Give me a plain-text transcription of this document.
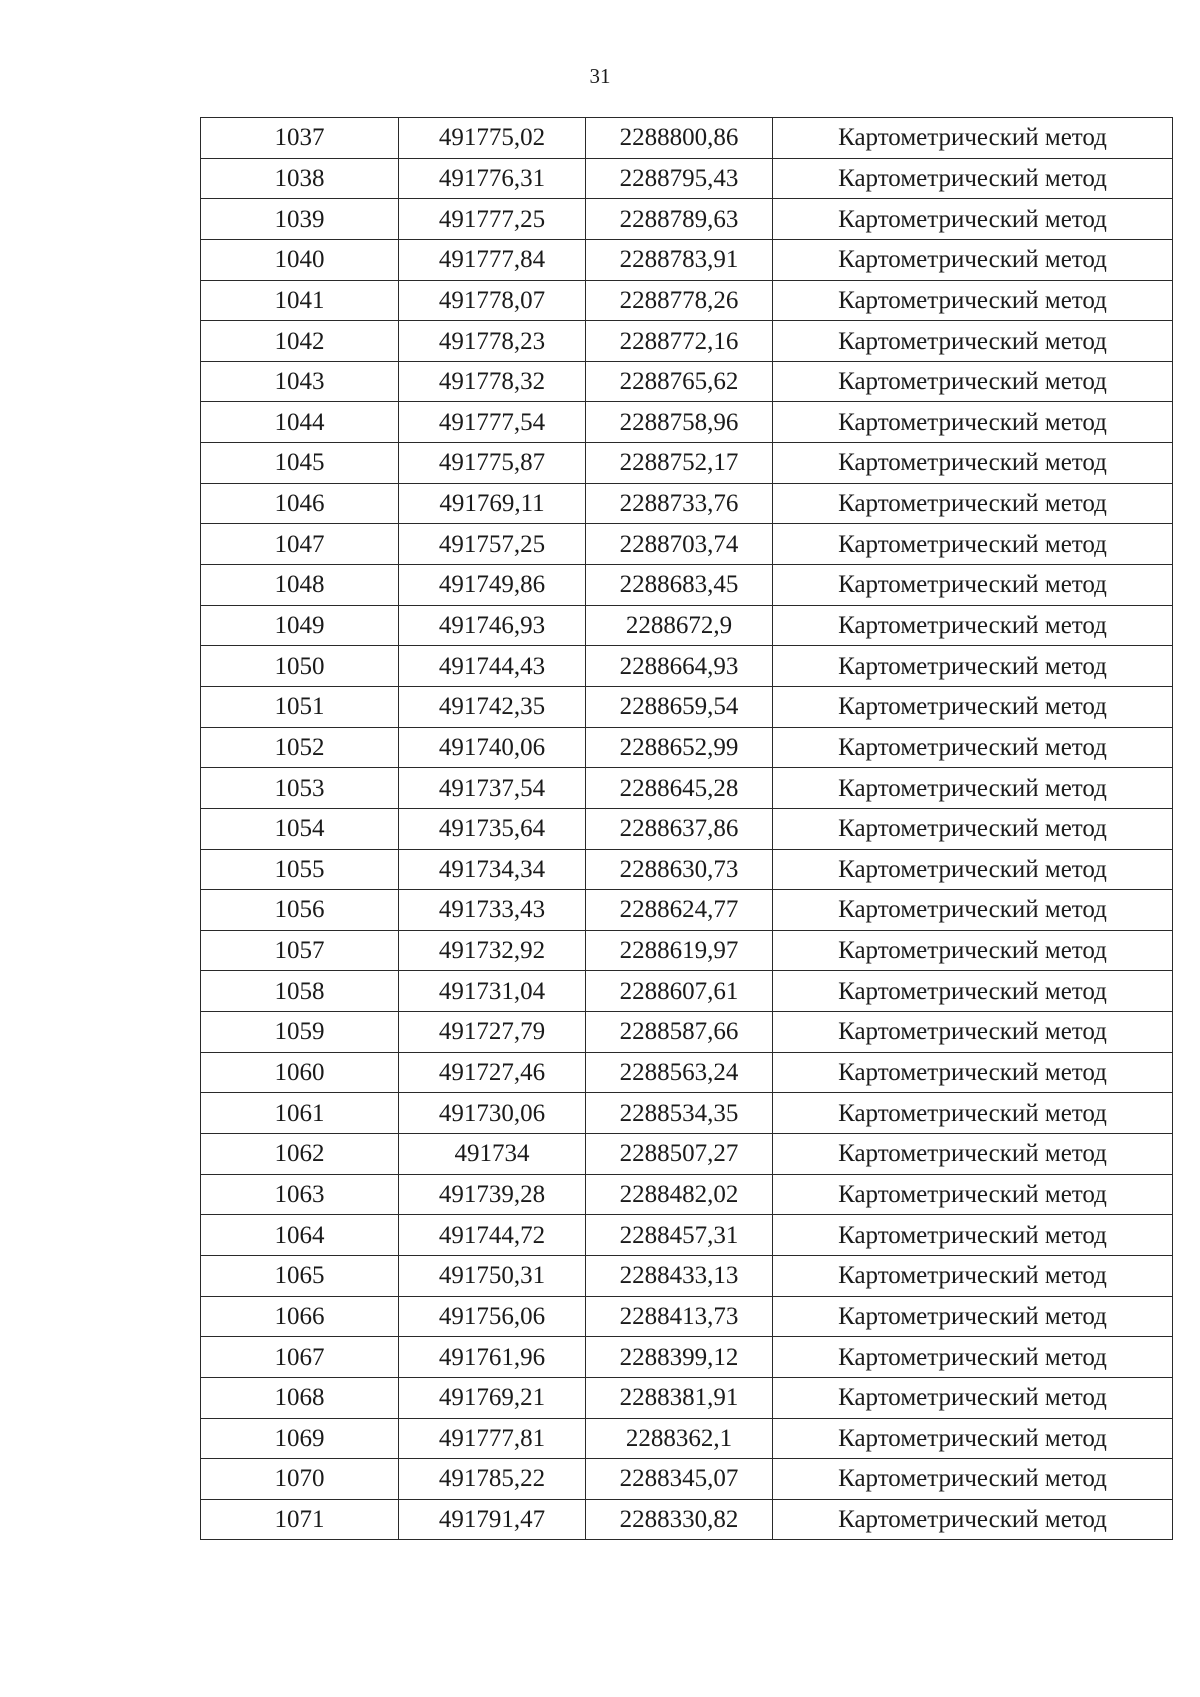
31
1037	491775,02	2288800,86	Картометрический метод
1038	491776,31	2288795,43	Картометрический метод
1039	491777,25	2288789,63	Картометрический метод
1040	491777,84	2288783,91	Картометрический метод
1041	491778,07	2288778,26	Картометрический метод
1042	491778,23	2288772,16	Картометрический метод
1043	491778,32	2288765,62	Картометрический метод
1044	491777,54	2288758,96	Картометрический метод
1045	491775,87	2288752,17	Картометрический метод
1046	491769,11	2288733,76	Картометрический метод
1047	491757,25	2288703,74	Картометрический метод
1048	491749,86	2288683,45	Картометрический метод
1049	491746,93	2288672,9	Картометрический метод
1050	491744,43	2288664,93	Картометрический метод
1051	491742,35	2288659,54	Картометрический метод
1052	491740,06	2288652,99	Картометрический метод
1053	491737,54	2288645,28	Картометрический метод
1054	491735,64	2288637,86	Картометрический метод
1055	491734,34	2288630,73	Картометрический метод
1056	491733,43	2288624,77	Картометрический метод
1057	491732,92	2288619,97	Картометрический метод
1058	491731,04	2288607,61	Картометрический метод
1059	491727,79	2288587,66	Картометрический метод
1060	491727,46	2288563,24	Картометрический метод
1061	491730,06	2288534,35	Картометрический метод
1062	491734	2288507,27	Картометрический метод
1063	491739,28	2288482,02	Картометрический метод
1064	491744,72	2288457,31	Картометрический метод
1065	491750,31	2288433,13	Картометрический метод
1066	491756,06	2288413,73	Картометрический метод
1067	491761,96	2288399,12	Картометрический метод
1068	491769,21	2288381,91	Картометрический метод
1069	491777,81	2288362,1	Картометрический метод
1070	491785,22	2288345,07	Картометрический метод
1071	491791,47	2288330,82	Картометрический метод
